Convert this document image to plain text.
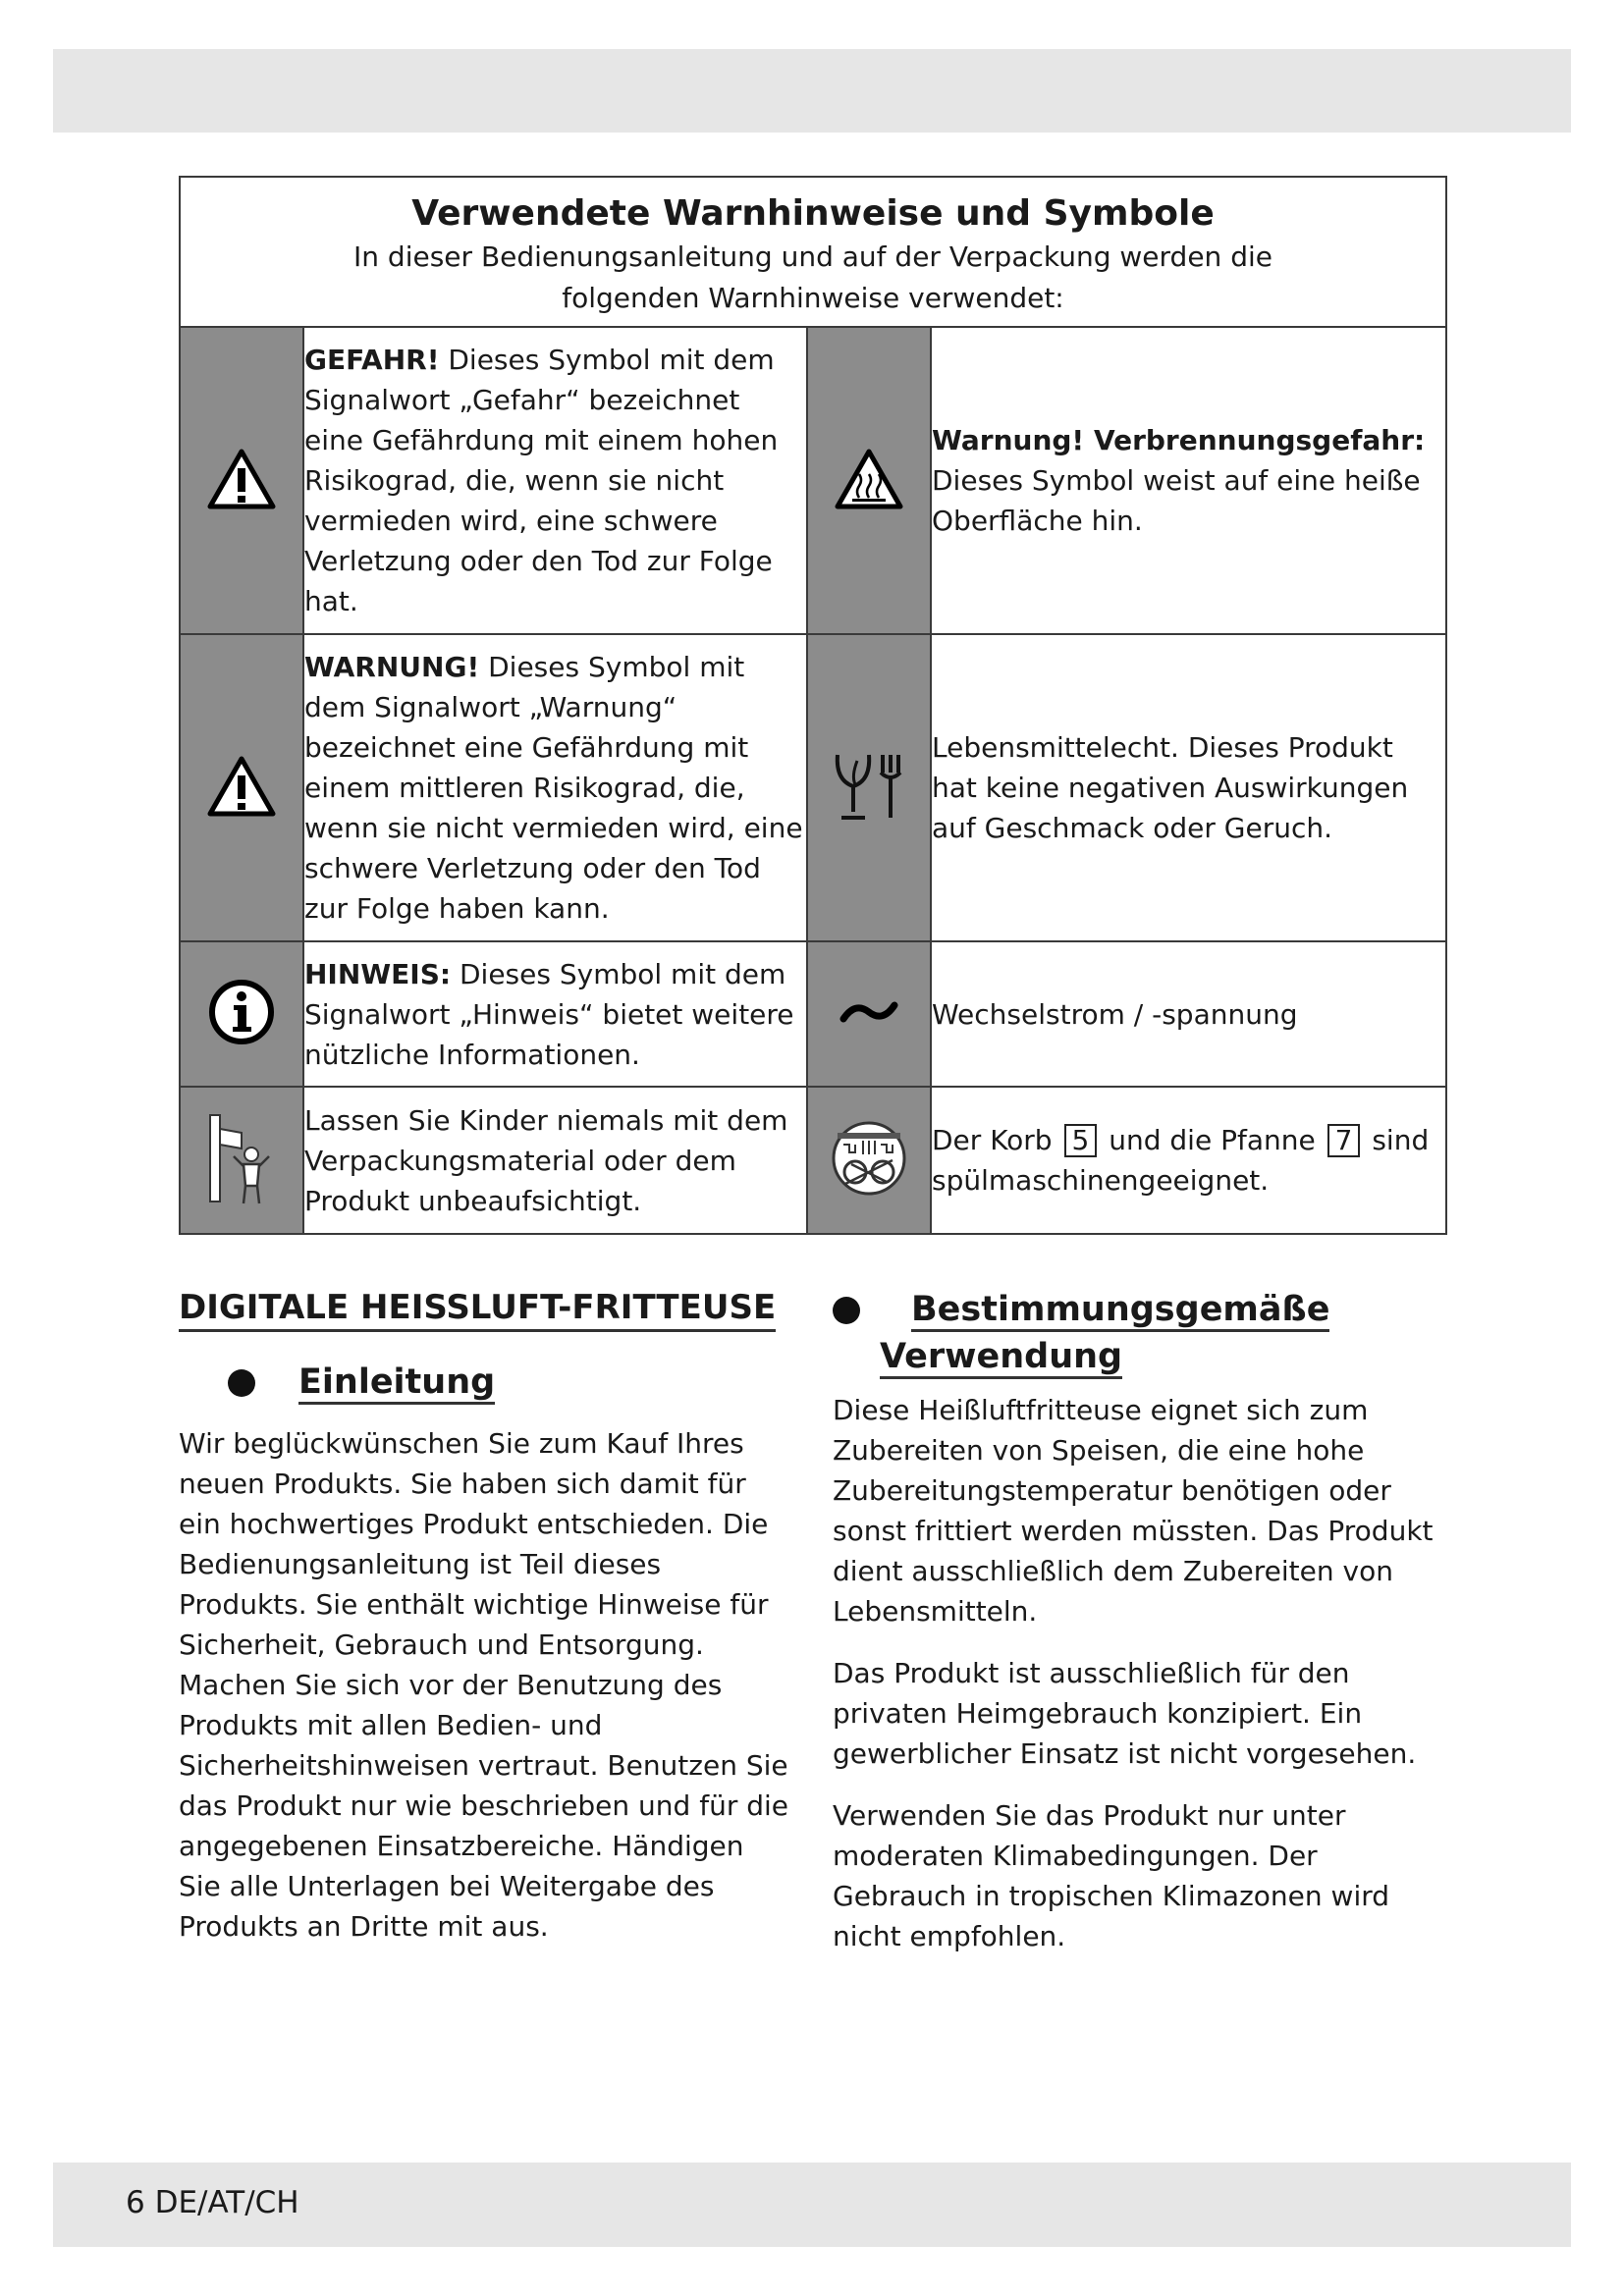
Verwendete Warnhinweise und Symbole
In dieser Bedienungsanleitung und auf der Verpackung werden die folgenden Warnhinweise verwendet:			

	GEFAHR! Dieses Symbol mit dem Signalwort „Gefahr“ bezeichnet eine Gefährdung mit einem hohen Risikograd, die, wenn sie nicht vermieden wird, eine schwere Verletzung oder den Tod zur Folge hat.		Warnung! Verbrennungsgefahr: Dieses Symbol weist auf eine heiße Oberfläche hin.
	WARNUNG! Dieses Symbol mit dem Signalwort „Warnung“ bezeichnet eine Gefährdung mit einem mittleren Risikograd, die, wenn sie nicht vermieden wird, eine schwere Verletzung oder den Tod zur Folge haben kann.		Lebensmittelecht. Dieses Produkt hat keine negativen Auswirkungen auf Geschmack oder Geruch.
	HINWEIS: Dieses Symbol mit dem Signalwort „Hinweis“ bietet weitere nützliche Informationen.		Wechselstrom / -spannung
	Lassen Sie Kinder niemals mit dem Verpackungsmaterial oder dem Produkt unbeaufsichtigt.		Der Korb 5 und die Pfanne 7 sind spülmaschinengeeignet.
DIGITALE HEISSLUFT-FRITTEUSE
Einleitung

Wir beglückwünschen Sie zum Kauf Ihres neuen Produkts. Sie haben sich damit für ein hochwertiges Produkt entschieden. Die Bedienungsanleitung ist Teil dieses Produkts. Sie enthält wichtige Hinweise für Sicherheit, Gebrauch und Entsorgung. Machen Sie sich vor der Benutzung des Produkts mit allen Bedien- und Sicherheitshinweisen vertraut. Benutzen Sie das Produkt nur wie beschrieben und für die angegebenen Einsatzbereiche. Händigen Sie alle Unterlagen bei Weitergabe des Produkts an Dritte mit aus.

Bestimmungsgemäße
Verwendung

Diese Heißluftfritteuse eignet sich zum Zubereiten von Speisen, die eine hohe Zubereitungstemperatur benötigen oder sonst frittiert werden müssten. Das Produkt dient ausschließlich dem Zubereiten von Lebensmitteln.

Das Produkt ist ausschließlich für den privaten Heimgebrauch konzipiert. Ein gewerblicher Einsatz ist nicht vorgesehen.

Verwenden Sie das Produkt nur unter moderaten Klimabedingungen. Der Gebrauch in tropischen Klimazonen wird nicht empfohlen.

6 DE/AT/CH
